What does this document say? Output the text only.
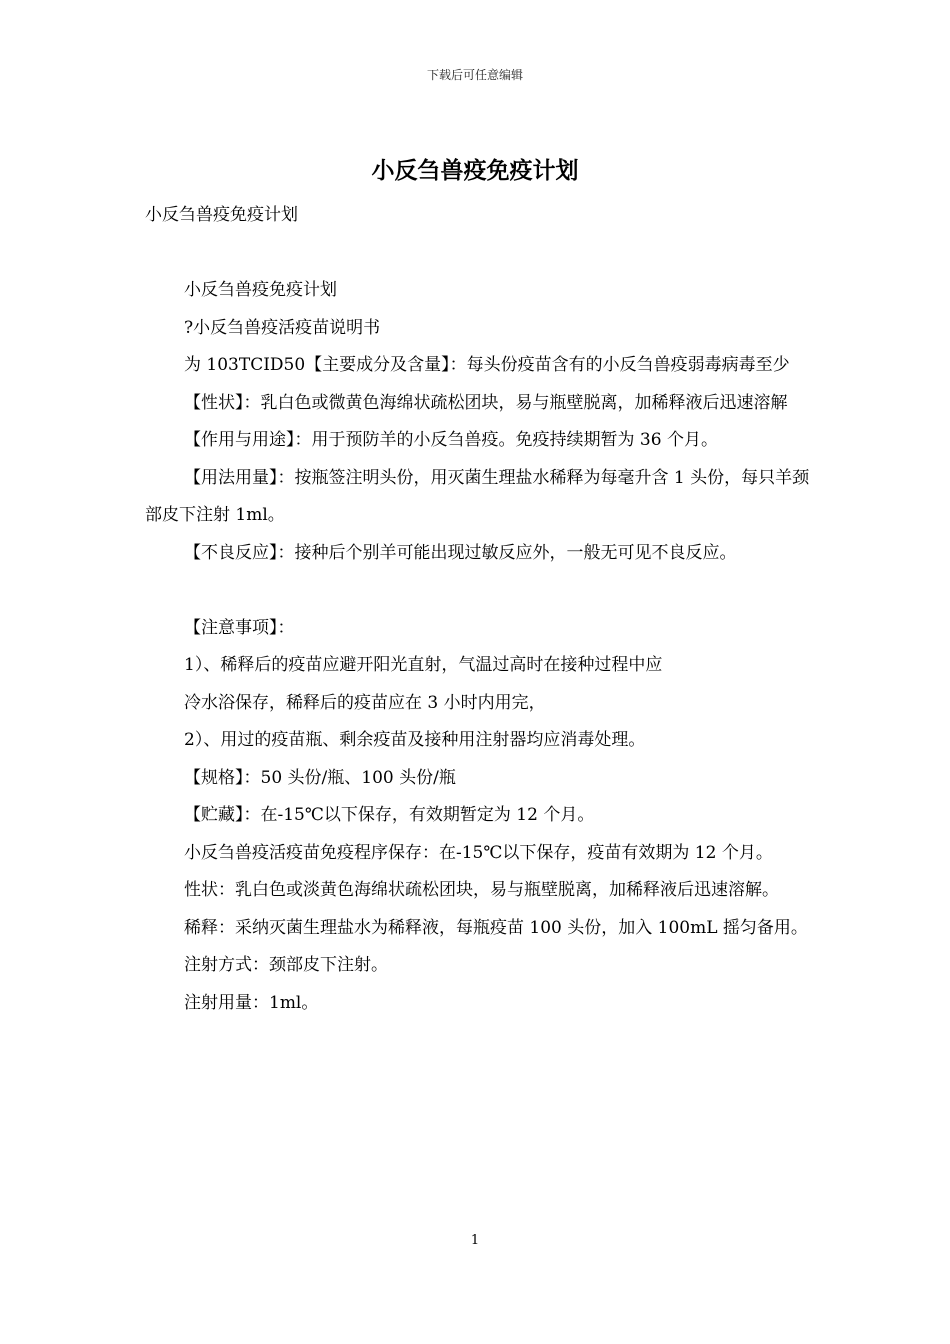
下载后可任意编辑
小反刍兽疫免疫计划

小反刍兽疫免疫计划

小反刍兽疫免疫计划

?小反刍兽疫活疫苗说明书

为 103TCID50【主要成分及含量】：每头份疫苗含有的小反刍兽疫弱毒病毒至少

【性状】：乳白色或微黄色海绵状疏松团块，易与瓶壁脱离，加稀释液后迅速溶解

【作用与用途】：用于预防羊的小反刍兽疫。免疫持续期暂为 36 个月。

【用法用量】：按瓶签注明头份，用灭菌生理盐水稀释为每毫升含 1 头份，每只羊颈部皮下注射 1ml。

【不良反应】：接种后个别羊可能出现过敏反应外，一般无可见不良反应。

【注意事项】：

1）、稀释后的疫苗应避开阳光直射，气温过高时在接种过程中应

冷水浴保存，稀释后的疫苗应在 3 小时内用完，

2）、用过的疫苗瓶、剩余疫苗及接种用注射器均应消毒处理。

【规格】：50 头份/瓶、100 头份/瓶

【贮藏】：在-15℃以下保存，有效期暂定为 12 个月。

小反刍兽疫活疫苗免疫程序保存：在-15℃以下保存，疫苗有效期为 12 个月。

性状：乳白色或淡黄色海绵状疏松团块，易与瓶壁脱离，加稀释液后迅速溶解。

稀释：采纳灭菌生理盐水为稀释液，每瓶疫苗 100 头份，加入 100mL 摇匀备用。

注射方式：颈部皮下注射。

注射用量：1ml。

1
